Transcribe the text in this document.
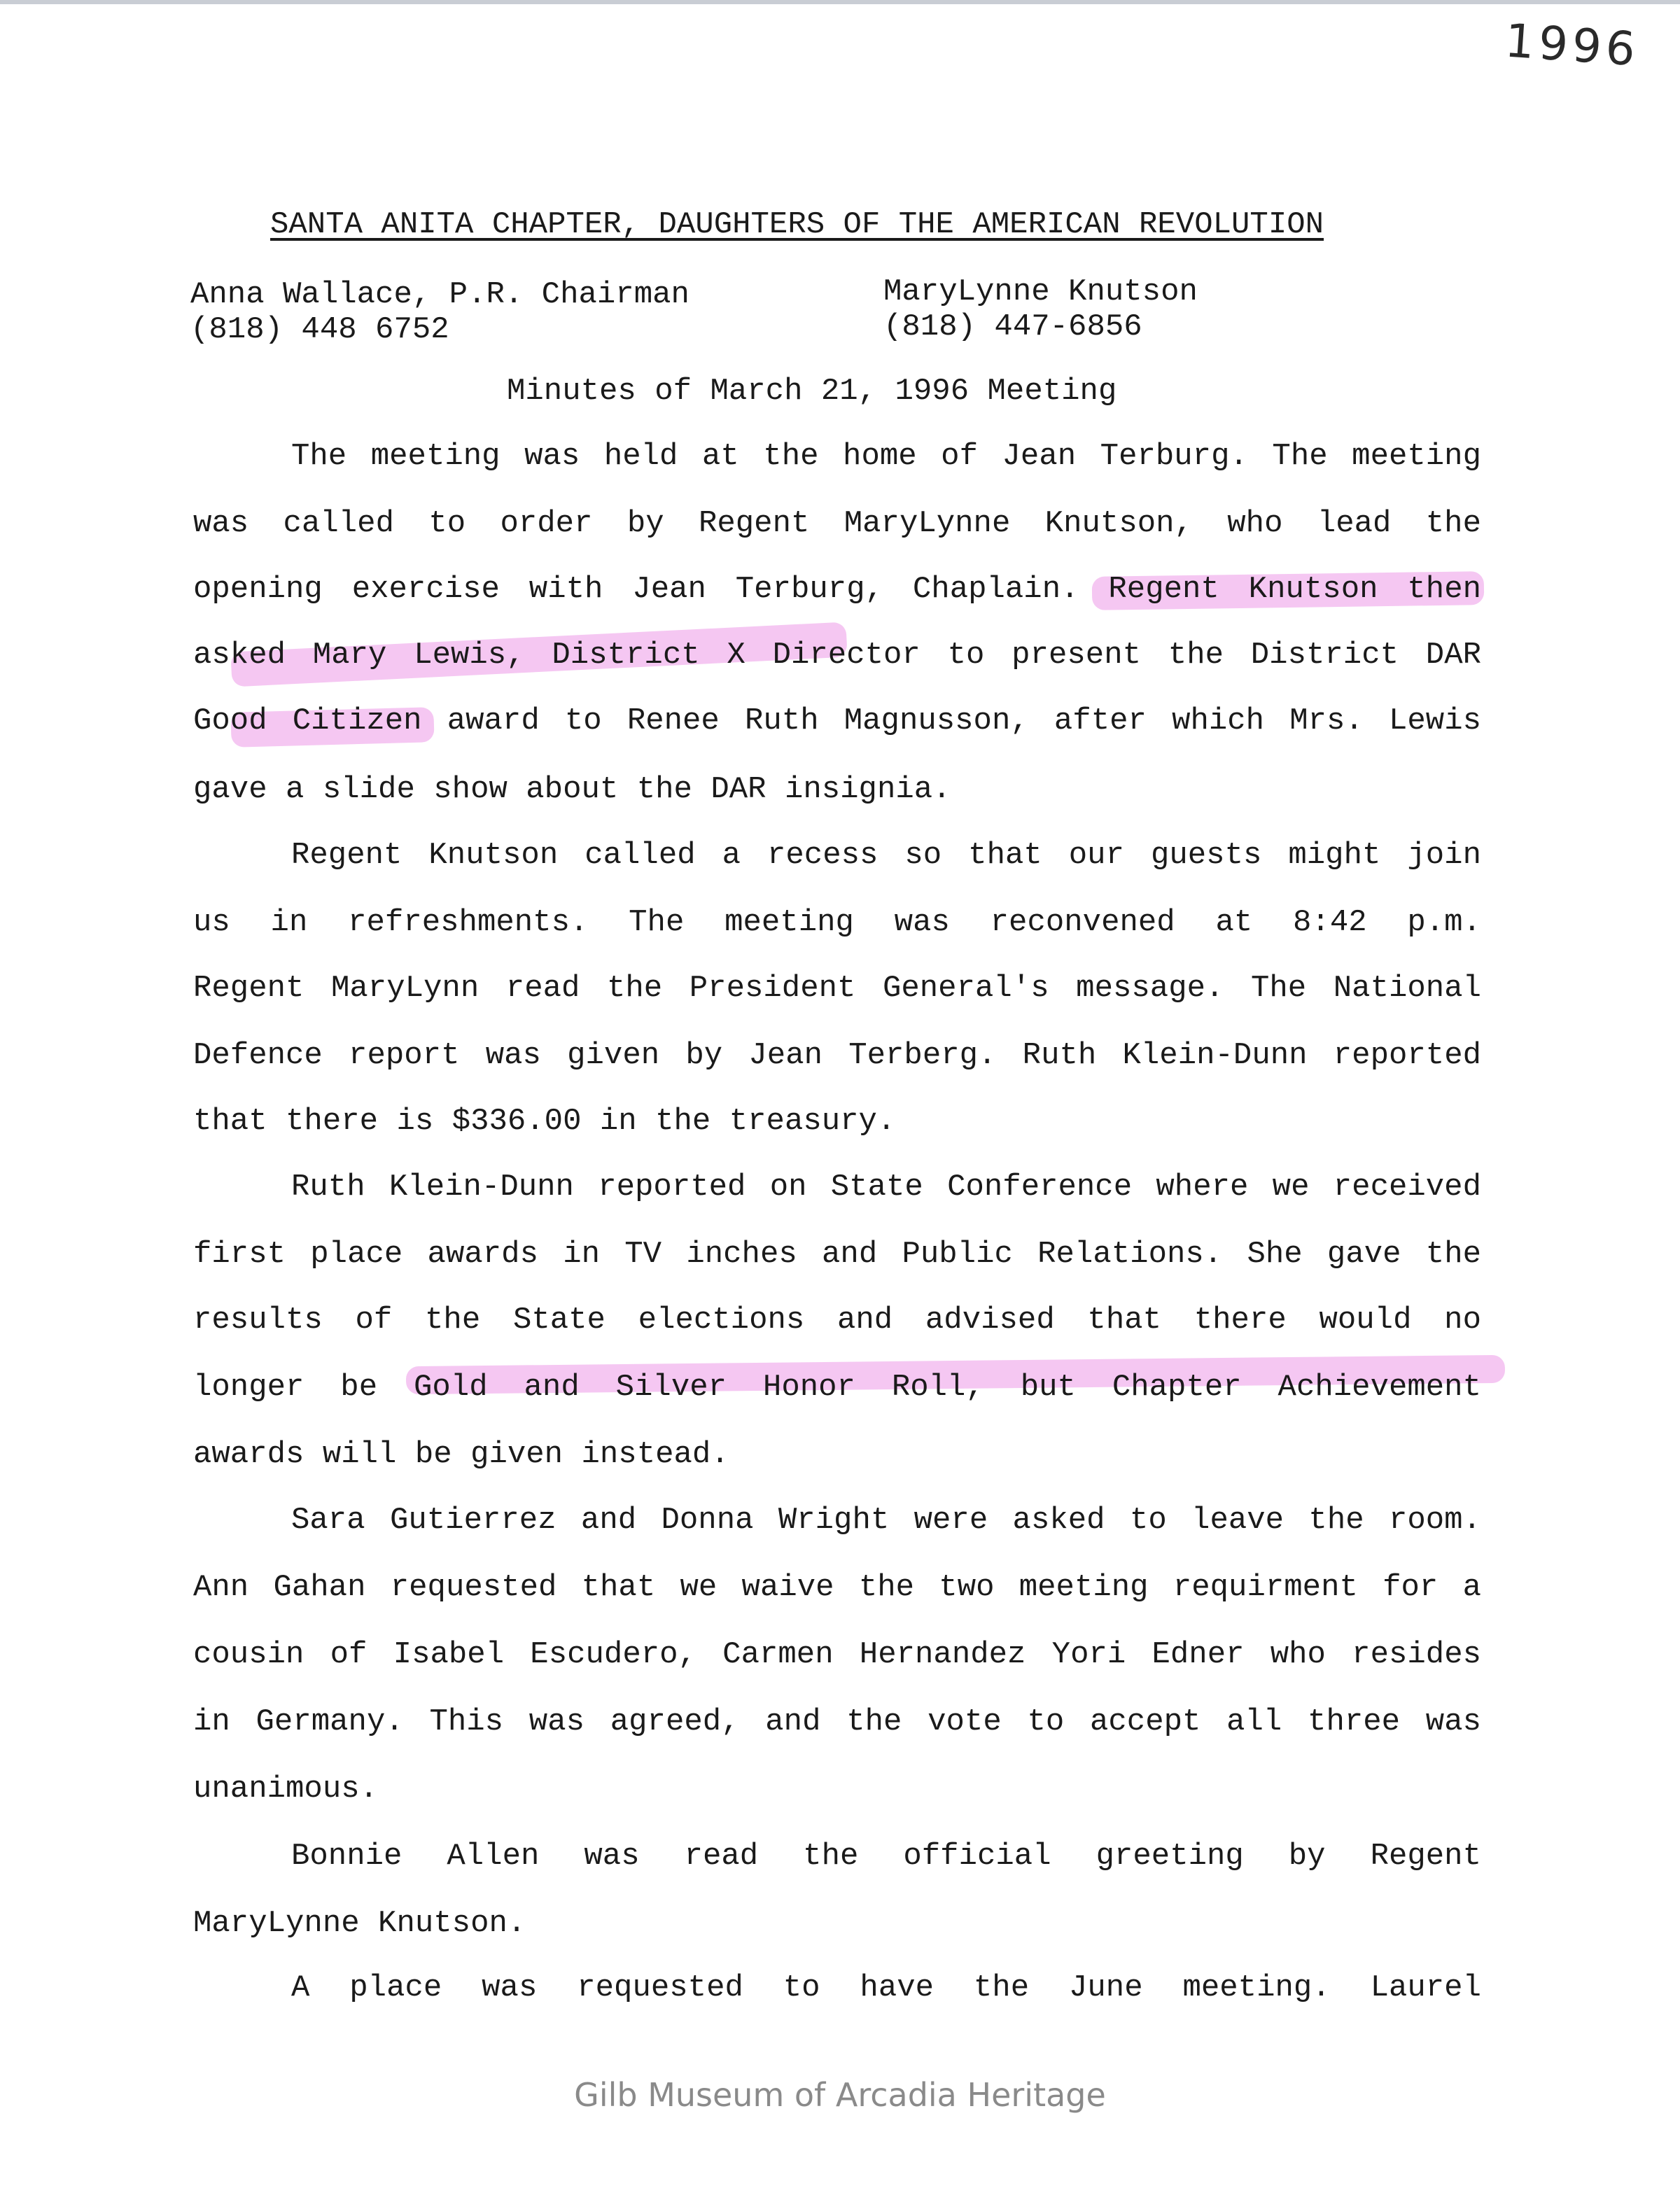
1996
SANTA ANITA CHAPTER, DAUGHTERS OF THE AMERICAN REVOLUTION
Anna Wallace, P.R. Chairman
(818) 448 6752
MaryLynne Knutson
(818) 447-6856
Minutes of March 21, 1996 Meeting
The meeting was held at the home of Jean Terburg. The meeting
was called to order by Regent MaryLynne Knutson, who lead the
opening exercise with Jean Terburg, Chaplain. Regent Knutson then
asked Mary Lewis, District X Director to present the District DAR
Good Citizen award to Renee Ruth Magnusson, after which Mrs. Lewis
gave a slide show about the DAR insignia.
Regent Knutson called a recess so that our guests might join
us in refreshments. The meeting was reconvened at 8:42 p.m.
Regent MaryLynn read the President General's message. The National
Defence report was given by Jean Terberg. Ruth Klein-Dunn reported
that there is $336.00 in the treasury.
Ruth Klein-Dunn reported on State Conference where we received
first place awards in TV inches and Public Relations. She gave the
results of the State elections and advised that there would no
longer be Gold and Silver Honor Roll, but Chapter Achievement
awards will be given instead.
Sara Gutierrez and Donna Wright were asked to leave the room.
Ann Gahan requested that we waive the two meeting requirment for a
cousin of Isabel Escudero, Carmen Hernandez Yori Edner who resides
in Germany. This was agreed, and the vote to accept all three was
unanimous.
Bonnie Allen was read the official greeting by Regent
MaryLynne Knutson.
A place was requested to have the June meeting. Laurel
Gilb Museum of Arcadia Heritage
